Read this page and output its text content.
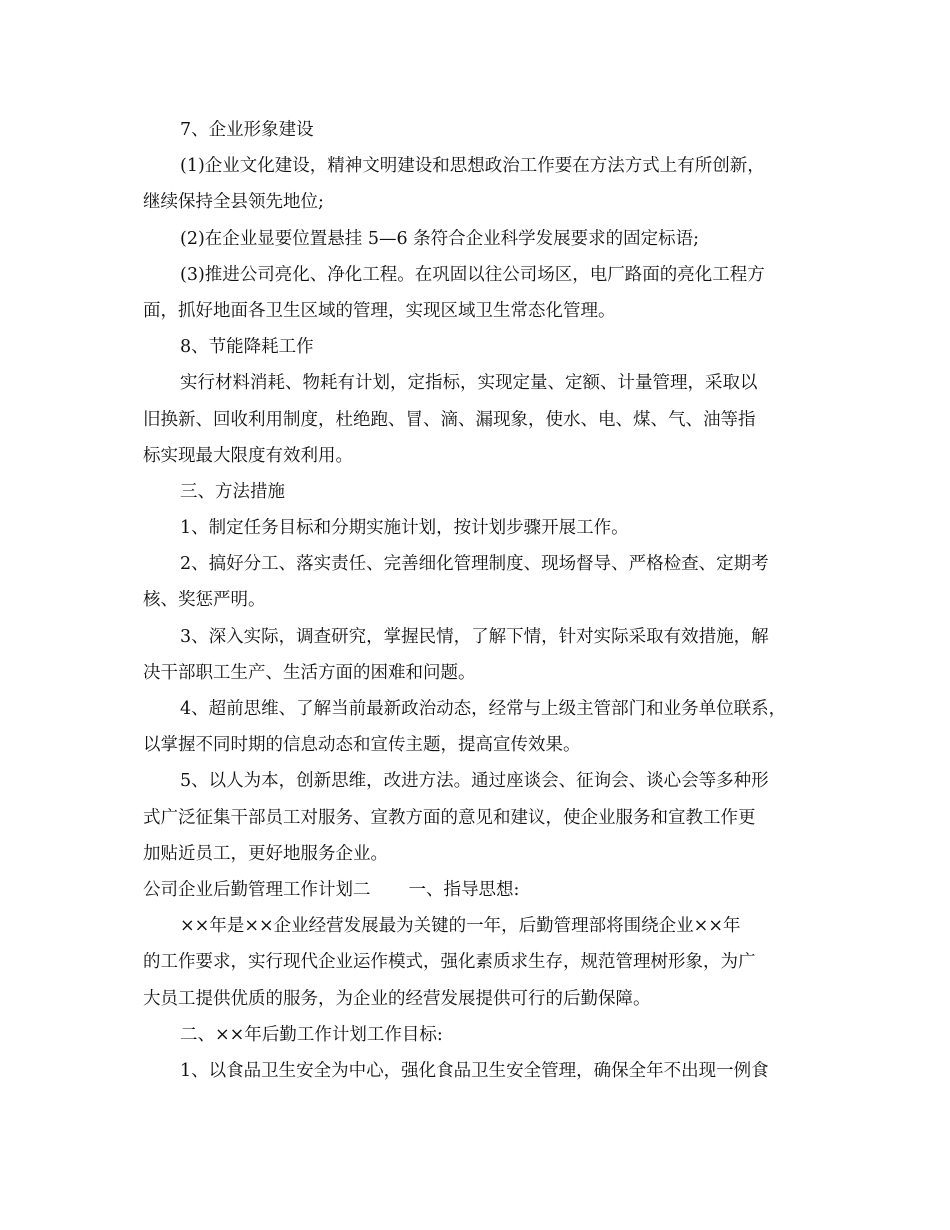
7、企业形象建设
(1)企业文化建设，精神文明建设和思想政治工作要在方法方式上有所创新，
继续保持全县领先地位;
(2)在企业显要位置悬挂 5—6 条符合企业科学发展要求的固定标语;
(3)推进公司亮化、净化工程。在巩固以往公司场区，电厂路面的亮化工程方
面，抓好地面各卫生区域的管理，实现区域卫生常态化管理。
8、节能降耗工作
实行材料消耗、物耗有计划，定指标，实现定量、定额、计量管理，采取以
旧换新、回收利用制度，杜绝跑、冒、滴、漏现象，使水、电、煤、气、油等指
标实现最大限度有效利用。
三、方法措施
1、制定任务目标和分期实施计划，按计划步骤开展工作。
2、搞好分工、落实责任、完善细化管理制度、现场督导、严格检查、定期考
核、奖惩严明。
3、深入实际，调查研究，掌握民情，了解下情，针对实际采取有效措施，解
决干部职工生产、生活方面的困难和问题。
4、超前思维、了解当前最新政治动态，经常与上级主管部门和业务单位联系，
以掌握不同时期的信息动态和宣传主题，提高宣传效果。
5、以人为本，创新思维，改进方法。通过座谈会、征询会、谈心会等多种形
式广泛征集干部员工对服务、宣教方面的意见和建议，使企业服务和宣教工作更
加贴近员工，更好地服务企业。
公司企业后勤管理工作计划二 一、指导思想:
××年是××企业经营发展最为关键的一年，后勤管理部将围绕企业××年
的工作要求，实行现代企业运作模式，强化素质求生存，规范管理树形象，为广
大员工提供优质的服务，为企业的经营发展提供可行的后勤保障。
二、××年后勤工作计划工作目标:
1、以食品卫生安全为中心，强化食品卫生安全管理，确保全年不出现一例食
